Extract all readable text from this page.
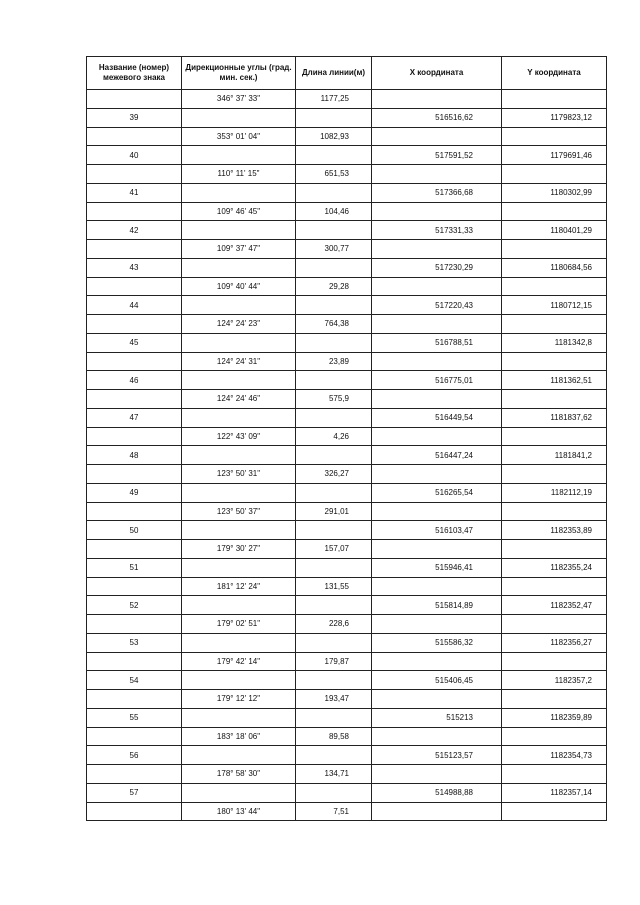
Название (номер) межевого знака	Дирекционные углы (град. мин. сек.)	Длина линии(м)	X координата	Y координата
	346° 37' 33"	1177,25		
39			516516,62	1179823,12
	353° 01' 04"	1082,93		
40			517591,52	1179691,46
	110° 11' 15"	651,53		
41			517366,68	1180302,99
	109° 46' 45"	104,46		
42			517331,33	1180401,29
	109° 37' 47"	300,77		
43			517230,29	1180684,56
	109° 40' 44"	29,28		
44			517220,43	1180712,15
	124° 24' 23"	764,38		
45			516788,51	1181342,8
	124° 24' 31"	23,89		
46			516775,01	1181362,51
	124° 24' 46"	575,9		
47			516449,54	1181837,62
	122° 43' 09"	4,26		
48			516447,24	1181841,2
	123° 50' 31"	326,27		
49			516265,54	1182112,19
	123° 50' 37"	291,01		
50			516103,47	1182353,89
	179° 30' 27"	157,07		
51			515946,41	1182355,24
	181° 12' 24"	131,55		
52			515814,89	1182352,47
	179° 02' 51"	228,6		
53			515586,32	1182356,27
	179° 42' 14"	179,87		
54			515406,45	1182357,2
	179° 12' 12"	193,47		
55			515213	1182359,89
	183° 18' 06"	89,58		
56			515123,57	1182354,73
	178° 58' 30"	134,71		
57			514988,88	1182357,14
	180° 13' 44"	7,51		
